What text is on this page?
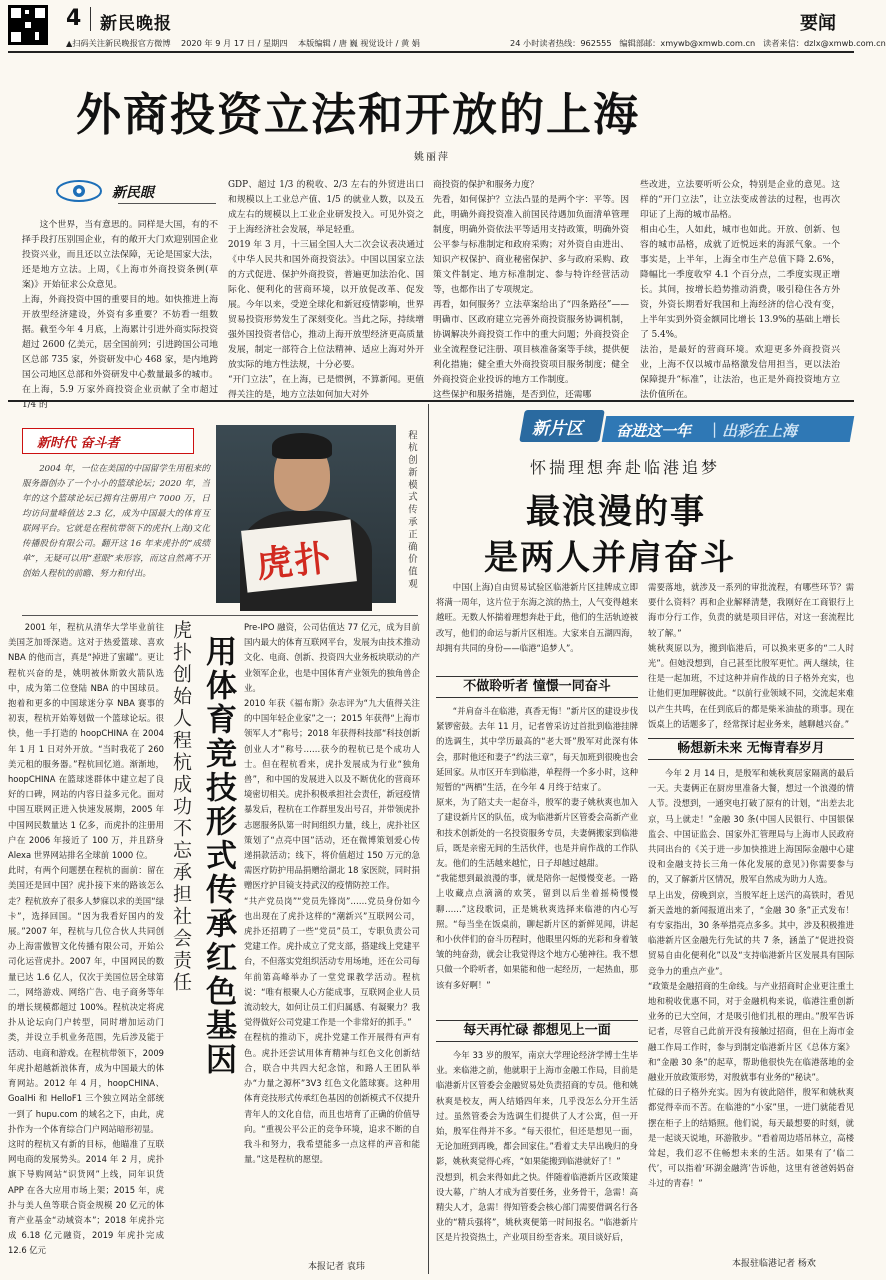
4 新民晚报	要闻
▲扫码关注新民晚报官方微博 2020 年 9 月 17 日 / 星期四 本版编辑 / 唐 巍 视觉设计 / 黄 娟	24 小时读者热线：962555 编辑部邮：xmywb@xmwb.com.cn 读者来信：dzlx@xmwb.com.cn
外商投资立法和开放的上海
姚丽萍
新民眼

这个世界，当有意思的。同样是大国，有的不择手段打压别国企业，有的敞开大门欢迎别国企业投资兴业，而且还以立法保障，无论是国家大法，还是地方立法。上周，《上海市外商投资条例(草案)》开始征求公众意见。
上海，外商投资中国的重要目的地。如快推进上海开放型经济建设，外资有多重要？不妨看一组数据。截至今年 4 月底，上海累计引进外商实际投资超过 2600 亿美元，居全国前列；引进跨国公司地区总部 735 家，外资研发中心 468 家，是内地跨国公司地区总部和外资研发中心数量最多的城市。在上海，5.9 万家外商投资企业贡献了全市超过 1/4 的

GDP、超过 1/3 的税收、2/3 左右的外贸进出口和规模以上工业总产值、1/5 的就业人数，以及五成左右的规模以上工业企业研发投入。可见外资之于上海经济社会发展，举足轻重。
2019 年 3 月，十三届全国人大二次会议表决通过《中华人民共和国外商投资法》。中国以国家立法的方式促进、保护外商投资，普遍更加法治化、国际化、便利化的营商环境，以开放促改革、促发展。今年以来，受逆全球化和新冠疫情影响，世界贸易投资形势发生了深刻变化。当此之际，持续增强外国投资者信心，推动上海开放型经济更高质量发展，制定一部符合上位法精神、适应上海对外开放实际的地方性法规，十分必要。
“开门立法”，在上海，已是惯例，不算新闻。更值得关注的是，地方立法如何加大对外

商投资的保护和服务力度？
先看，如何保护？立法凸显的是两个字：平等。因此，明确外商投资准入前国民待遇加负面清单管理制度，明确外资依法平等适用支持政策，明确外资公平参与标准制定和政府采购；对外资自由进出、知识产权保护、商业秘密保护、多与政府采购、政策文件制定、地方标准制定、参与特许经营活动等，也都作出了专项规定。
再看，如何服务？立法草案给出了“四条路径”——明确市、区政府建立完善外商投资服务协调机制，协调解决外商投资工作中的重大问题；外商投资企业全流程登记注册、项目核准备案等手续，提供便利化措施；健全重大外商投资项目服务制度；健全外商投资企业投诉的地方工作制度。
这些保护和服务措施，是否到位，还需哪

些改进，立法要听听公众，特别是企业的意见。这样的“开门立法”，让立法变成普法的过程，也再次印证了上海的城市品格。
相由心生，人如此，城市也如此。开放、创新、包容的城市品格，成就了近悦远来的海派气象。一个事实是，上半年，上海全市生产总值下降 2.6%，降幅比一季度收窄 4.1 个百分点，二季度实现正增长。其间，按增长趋势推动消费，吸引稳住各方外资，外资长期看好我国和上海经济的信心没有变，上半年实到外资金额同比增长 13.9%的基础上增长了 5.4%。
法治，是最好的营商环境。欢迎更多外商投资兴业，上海不仅以城市品格激发信用担当，更以法治保障提升“标准”，让法治，也正是外商投资地方立法价值所在。

新时代 奋斗者

2004 年，一位在美国的中国留学生用租来的服务器创办了一个小小的篮球论坛；2020 年，当年的这个篮球论坛已拥有注册用户 7000 万，日均访问量峰值达 2.3 亿，成为中国最大的体育互联网平台。它就是在程杭带领下的虎扑(上海)文化传播股份有限公司。翻开这 16 年来虎扑的“成绩单”，无疑可以用“惹眼”来形容，而这自然离不开创始人程杭的前瞻、努力和付出。	虎扑	程杭创新模式传承正确价值观
用体育竞技形式传承红色基因
虎扑创始人程杭成功不忘承担社会责任

2001 年，程杭从清华大学毕业前往美国芝加哥深造。这对于热爱篮球、喜欢 NBA 的他而言，真是“掉进了蜜罐”。更让程杭兴奋的是，姚明被休斯敦火箭队选中，成为第二位登陆 NBA 的中国球员。抱着和更多的中国球迷分享 NBA 赛事的初衷，程杭开始筹划做一个篮球论坛。很快，他一手打造的 hoopCHINA 在 2004 年 1 月 1 日对外开放。“当时我花了 260 美元租的服务器。”程杭回忆道。渐渐地，hoopCHINA 在篮球迷群体中建立起了良好的口碑，网站的内容日益多元化。面对中国互联网正进入快速发展期，2005 年中国网民数量达 1 亿多，而虎扑的注册用户在 2006 年接近了 100 万，并且跻身 Alexa 世界网站排名全球前 1000 位。
此时，有两个问题摆在程杭的面前：留在美国还是回中国？虎扑接下来的路该怎么走？程杭放弃了很多人梦寐以求的美国“绿卡”，选择回国。“因为我看好国内的发展。”2007 年，程杭与几位合伙人共同创办上海雷傲智文化传播有限公司，开始公司化运营虎扑。2007 年，中国网民的数量已达 1.6 亿人，仅次于美国位居全球第二，网络游戏、网络广告、电子商务等年的增长规模都超过 100%。程杭决定将虎扑从论坛向门户转型，同时增加运动门类，并设立手机业务范围，先后涉及能于活动、电商和游戏。在程杭带领下，2009 年虎扑超越新浪体育，成为中国最大的体育网站。2012 年 4 月，hoopCHINA、GoalHi 和 HelloF1 三个独立网站全部统一到了 hupu.com 的域名之下，由此，虎扑作为一个体育综合门户网站暗形初显。
这时的程杭又有新的目标，他瞄准了互联网电商的发展势头。2014 年 2 月，虎扑旗下导购网站“识货网”上线，同年识货 APP 在各大应用市场上架；2015 年，虎扑与美人鱼等联合资金规模 20 亿元的体育产业基金“动域资本”；2018 年虎扑完成 6.18 亿元融资，2019 年虎扑完成 12.6 亿元

Pre-IPO 融资，公司估值达 77 亿元，成为目前国内最大的体育互联网平台，发展为由技术推动文化、电商、创新、投资四大业务板块联动的产业领军企业，也是中国体育产业领先的独角兽企业。
2010 年获《福布斯》杂志评为“九大值得关注的中国年轻企业家”之一；2015 年获得“上海市领军人才”称号；2018 年获得科技部“科技创新创业人才”称号……获今的程杭已是个成功人士。但在程杭看来，虎扑发展成为行业“独角兽”，和中国的发展进入以及不断优化的营商环境密切相关。虎扑积极承担社会责任，新冠疫情暴发后，程杭在工作群里发出号召，并带领虎扑志愿服务队第一时间组织力量，线上，虎扑社区策划了“点亮中国”活动，还在微博策划爱心传递捐款活动；线下，将价值超过 150 万元的急需医疗防护用品捐赠给湖北 18 家医院，同时捐赠医疗护目镜支持武汉的疫情防控工作。
“共产党员岗”“党员先锋岗”……党员身份如今也出现在了虎扑这样的“潮新兴”互联网公司，虎扑还招聘了一些“党员”员工，专职负责公司党建工作。虎扑成立了党支部，搭建线上党建平台，不但落实党组织活动专用场地，还在公司每年前第高峰举办了一堂党课教学活动。程杭说：“唯有根聚人心方能成事，互联网企业人员流动较大，如何让员工们归属感、有凝聚力？我觉得做好公司党建工作是一个非常好的抓手。”
在程杭的推动下，虎扑党建工作开展得有声有色。虎扑还尝试用体育精神与红色文化创新结合，联合中共四大纪念馆，和路人王团队举办“力量之源杯”3V3 红色文化篮球赛。这种用体育竞技形式传承红色基因的创新模式不仅提升青年人的文化自信，而且也培育了正确的价值导向。“重视公平公正的竞争环境，追求不断的自我斗和努力，我希望能多一点这样的声音和能量。”这是程杭的愿望。

本报记者 袁玮
新片区 奋进这一年 | 出彩在上海
怀揣理想奔赴临港追梦
最浪漫的事
是两人并肩奋斗

中国(上海)自由贸易试验区临港新片区挂牌成立即将满一周年，这片位于东海之滨的热土，人气变得越来越旺。无数人怀揣着理想奔赴于此，他们的生活轨迹被改写，他们的命运与新片区相连。大家来自五湖四海，却拥有共同的身份——临港“追梦人”。

不做聆听者 憧憬一同奋斗

“并肩奋斗在临港，真香无悔！”新片区的建设步伐紧锣密鼓。去年 11 月，记者曾采访过首批到临港挂牌的选调生，其中学历最高的“老大哥”殷军对此深有体会，那时他还和妻子“约法三章”，每天加班到很晚也会延回家。从市区开车到临港，单程得一个多小时，这种短暂的“两栖”生活，在今年 4 月终于结束了。
原来，为了陪丈夫一起奋斗，殷军的妻子姚秋爽也加入了建设新片区的队伍，成为临港新片区管委会高新产业和技术创新处的一名投资服务专员，夫妻俩搬家到临港后，既是亲密无间的生活伙伴，也是并肩作战的工作队友。他们的生活越来越忙，日子却越过越甜。
“我能想到最浪漫的事，就是陪你一起慢慢变老。一路上收藏点点滴滴的欢笑，留到以后坐着摇椅慢慢聊……”这段歌词，正是姚秋爽选择来临港的内心写照。“每当坐在饭桌前，聊起新片区的新鲜见闻，讲起和小伙伴们的奋斗历程时，他眼里闪烁的光彩和身着皱皱的纯奋劲，就会让我觉得这个地方心驰神往。我不想只做一个聆听者，如果能和他一起经历，一起热血，那该有多好啊！”

每天再忙碌 都想见上一面

今年 33 岁的殷军，南京大学理论经济学博士生毕业。来临港之前，他就职于上海市金融工作局，目前是临港新片区管委会金融贸易处负责招商的专员。他和姚秋爽是校友，两人结婚四年来，几乎没怎么分开生活过。虽然管委会为选调生们提供了人才公寓，但一开始，殷军住得并不多。“每天很忙，但还是想见一面，无论加班到再晚，都会回家住。”看着丈夫早出晚归的身影，姚秋爽觉得心疼，“如果能搬到临港就好了！”
没想到，机会来得如此之快。伴随着临港新片区政策建设大幕，广纳人才成为首要任务，业务骨干，急需！高精尖人才，急需！得知管委会核心部门需要借调名行各业的“精兵强将”，姚秋爽便第一时间报名。“临港新片区是片投资热土，产业项目纷至沓来。项目谈好后，

需要落地，就涉及一系列的审批流程，有哪些环节？需要什么资料？再和企业解释清楚，我刚好在工商银行上海市分行工作，负责的就是项目评估，对这一套流程比较了解。”
姚秋爽原以为，搬到临港后，可以换来更多的“二人时光”。但她没想到，自己甚至比殷军更忙。两人继续，往往是一起加班，不过这种并肩作战的日子格外充实，也让他们更加理解彼此。“以前行业领域不同，交流起来难以产生共鸣，在任到底后的都是柴米油盐的琐事。现在饭桌上的话题多了，经常探讨起业务来，越聊越兴奋。”

畅想新未来 无悔青春岁月

今年 2 月 14 日，是殷军和姚秋爽居家隔离的最后一天。夫妻俩正在厨房里准备大餐，想过一个浪漫的情人节。没想到，一通突电打破了原有的计划，“出差去北京，马上就走！”金融 30 条(中国人民银行、中国银保监会、中国证监会、国家外汇管理局与上海市人民政府共同出台的《关于进一步加快推进上海国际金融中心建设和金融支持长三角一体化发展的意见》)你需要参与的，又了解新片区情况，殷军自然成为助力人选。
早上出发，傍晚到京，当殷军赶上送汽的高铁时，看见新天盖地的新闻报道出来了，“金融 30 条”正式发布！有专家指出，30 条举措亮点多多。其中，涉及积极推进临港新片区金融先行先试的共 7 条，涵盖了“促进投资贸易自由化便利化”以及“支持临港新片区发展具有国际竞争力的重点产业”。
“政策是金融招商的生命线。与产业招商时企业更注重土地和税收优惠不同，对于金融机构来说，临港注重创新业务的已大空间，才是吸引他们扎根的理由。”殷军告诉记者，尽管自己此前开没有接触过招商，但在上海市金融工作局工作时，参与到制定临港新片区《总体方案》和“金融 30 条”的起草，帮助他很快先在临港落地的金融业开放政策形势，对殷就事有业务的“秘诀”。
忙碌的日子格外充实。因为有彼此陪伴，殷军和姚秋爽都觉得幸而不苦。在临港的“小家”里，一进门就能看见摆在柜子上的结婚照。他们说，每天最想要的时刻，就是一起谈天说地，环游散步。“看着周边塔吊林立，高楼耸起，我们忍不住畅想未来的生活。如果有了‘临二代’，可以指着‘环湖金融湾’告诉他，这里有爸爸妈妈奋斗过的青春！”

本报驻临港记者 杨欢
